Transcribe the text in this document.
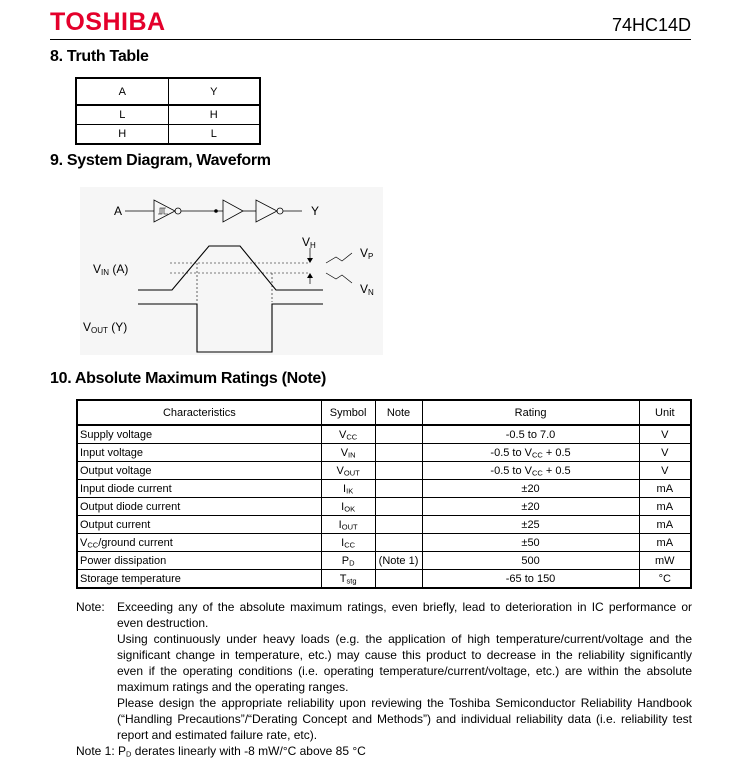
TOSHIBA	74HC14D
8. Truth Table
A	Y
L	H
H	L
9. System Diagram, Waveform
A	Y
VIN (A)
VOUT (Y)
VH
VP
VN
10. Absolute Maximum Ratings (Note)
Characteristics	Symbol	Note	Rating	Unit
Supply voltage	$V_{CC}$		-0.5 to 7.0	V
Input voltage	$V_{IN}$		-0.5 to $V_{CC} + 0.5$	V
Output voltage	$V_{OUT}$		-0.5 to $V_{CC} + 0.5$	V
Input diode current	$I_{IK}$		±20	mA
Output diode current	$I_{OK}$		±20	mA
Output current	$I_{OUT}$		±25	mA
$V_{CC}$/ground current	$I_{CC}$		±50	mA
Power dissipation	$P_D$	(Note 1)	500	mW
Storage temperature	$T_{stg}$		-65 to 150	°C
Note:	Exceeding any of the absolute maximum ratings, even briefly, lead to deterioration in IC performance or even destruction.
Using continuously under heavy loads (e.g. the application of high temperature/current/voltage and the significant change in temperature, etc.) may cause this product to decrease in the reliability significantly even if the operating conditions (i.e. operating temperature/current/voltage, etc.) are within the absolute maximum ratings and the operating ranges.
Please design the appropriate reliability upon reviewing the Toshiba Semiconductor Reliability Handbook (“Handling Precautions”/“Derating Concept and Methods”) and individual reliability data (i.e. reliability test report and estimated failure rate, etc).
Note 1: $P_D$ derates linearly with -8 mW/°C above 85 °C
